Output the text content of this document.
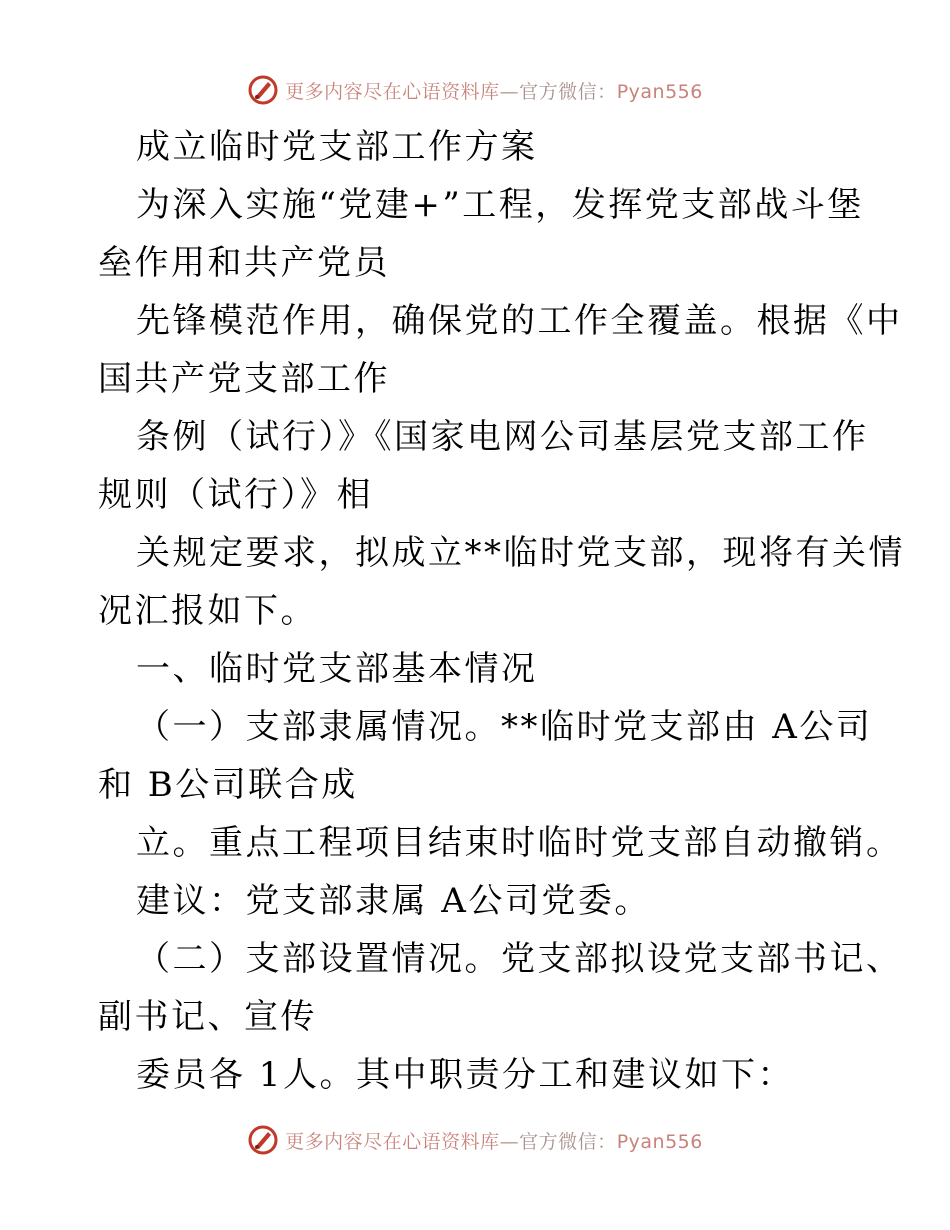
更多内容尽在心语资料库—官方微信：Pyan556
成立临时党支部工作方案
为深入实施“党建+”工程，发挥党支部战斗堡
垒作用和共产党员
先锋模范作用，确保党的工作全覆盖。根据《中
国共产党支部工作
条例（试行）》《国家电网公司基层党支部工作
规则（试行）》相
关规定要求，拟成立**临时党支部，现将有关情
况汇报如下。
一、临时党支部基本情况
（一）支部隶属情况。**临时党支部由 A公司
和 B公司联合成
立。重点工程项目结束时临时党支部自动撤销。
建议：党支部隶属 A公司党委。
（二）支部设置情况。党支部拟设党支部书记、
副书记、宣传
委员各 1人。其中职责分工和建议如下：
更多内容尽在心语资料库—官方微信：Pyan556
